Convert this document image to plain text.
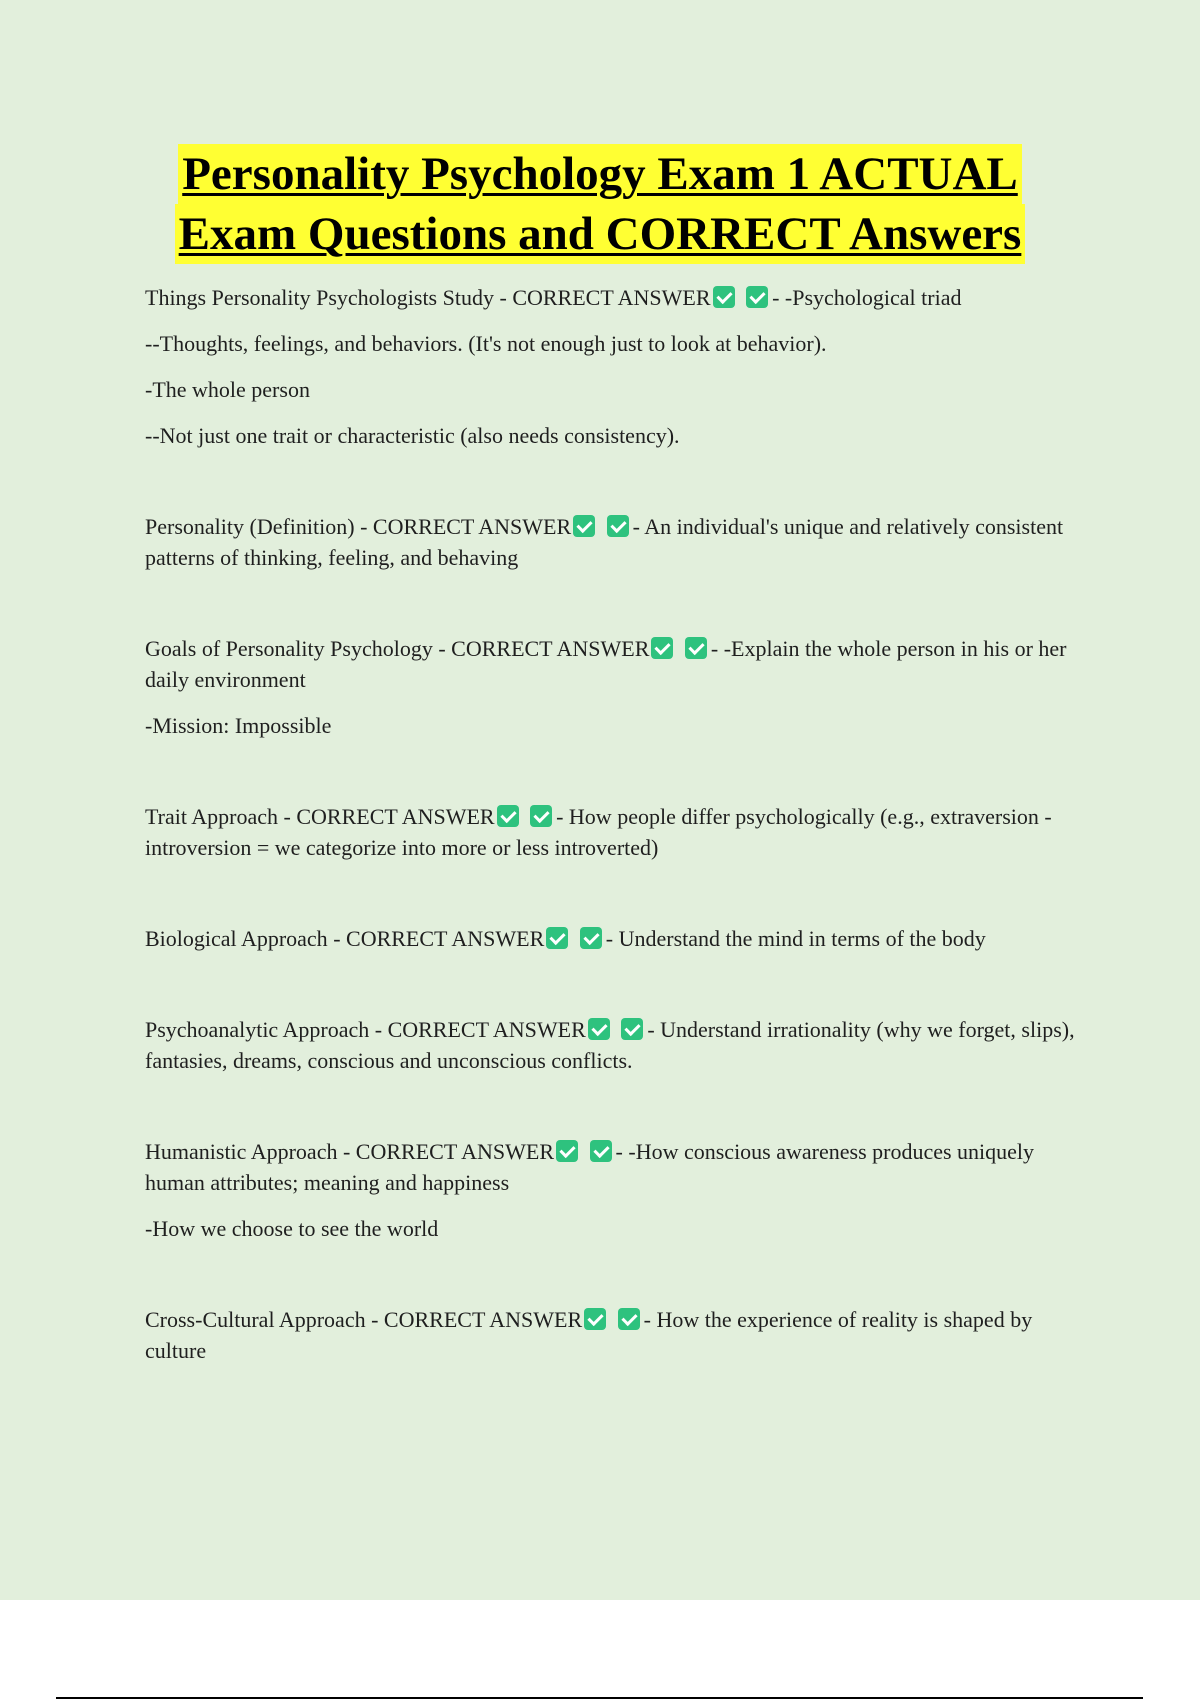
Personality Psychology Exam 1 ACTUAL
Exam Questions and CORRECT Answers

Things Personality Psychologists Study - CORRECT ANSWER	- -Psychological triad

--Thoughts, feelings, and behaviors. (It's not enough just to look at behavior).

-The whole person

--Not just one trait or characteristic (also needs consistency).

Personality (Definition) - CORRECT ANSWER	- An individual's unique and relatively consistent patterns of thinking, feeling, and behaving

Goals of Personality Psychology - CORRECT ANSWER	- -Explain the whole person in his or her daily environment

-Mission: Impossible

Trait Approach - CORRECT ANSWER	- How people differ psychologically (e.g., extraversion - introversion = we categorize into more or less introverted)

Biological Approach - CORRECT ANSWER	- Understand the mind in terms of the body

Psychoanalytic Approach - CORRECT ANSWER	- Understand irrationality (why we forget, slips), fantasies, dreams, conscious and unconscious conflicts.

Humanistic Approach - CORRECT ANSWER	- -How conscious awareness produces uniquely human attributes; meaning and happiness

-How we choose to see the world

Cross-Cultural Approach - CORRECT ANSWER	- How the experience of reality is shaped by culture
